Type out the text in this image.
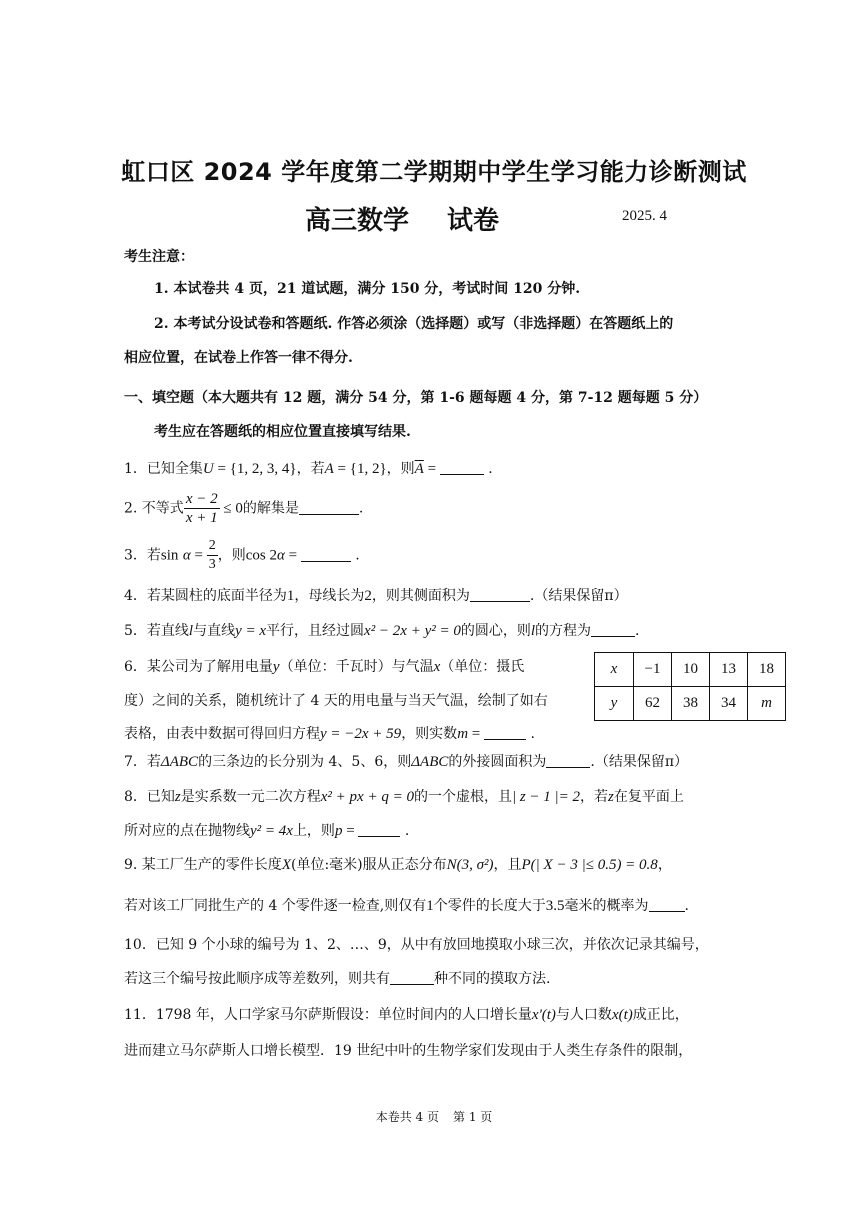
虹口区 2024 学年度第二学期期中学生学习能力诊断测试
高三数学 试卷	2025. 4
考生注意：
1. 本试卷共 4 页，21 道试题，满分 150 分，考试时间 120 分钟.
2. 本考试分设试卷和答题纸. 作答必须涂（选择题）或写（非选择题）在答题纸上的
相应位置，在试卷上作答一律不得分.
一、填空题（本大题共有 12 题，满分 54 分，第 1-6 题每题 4 分，第 7-12 题每题 5 分）
考生应在答题纸的相应位置直接填写结果.
1．已知全集U = {1, 2, 3, 4}，若A = {1, 2}，则$\overline{A}$ =	.
2. 不等式 $\frac{x - 2}{x + 1} \le 0$的解集是	.
3．若$\sin \alpha = \frac{2}{3}$ ，则cos 2α =	.
4．若某圆柱的底面半径为1，母线长为2，则其侧面积为	.（结果保留π）
5．若直线l与直线y = x平行，且经过圆x² − 2x + y² = 0的圆心，则l的方程为	.
6．某公司为了解用电量y（单位：千瓦时）与气温x（单位：摄氏
度）之间的关系，随机统计了 4 天的用电量与当天气温，绘制了如右
表格，由表中数据可得回归方程y = −2x + 59，则实数m =	.
x	−1	10	13	18
y	62	38	34	m
7．若ΔABC的三条边的长分别为 4、5、6，则ΔABC的外接圆面积为	.（结果保留π）
8．已知z是实系数一元二次方程x² + px + q = 0的一个虚根，且| z − 1 |= 2，若z在复平面上
所对应的点在抛物线y² = 4x上，则p =	.
9. 某工厂生产的零件长度X(单位:毫米)服从正态分布N(3, σ²)，且P(| X − 3 |≤ 0.5) = 0.8，
若对该工厂同批生产的 4 个零件逐一检查,则仅有1个零件的长度大于3.5毫米的概率为	.
10．已知 9 个小球的编号为 1、2、…、9，从中有放回地摸取小球三次，并依次记录其编号，
若这三个编号按此顺序成等差数列，则共有	种不同的摸取方法.
11．1798 年，人口学家马尔萨斯假设：单位时间内的人口增长量x'(t)与人口数x(t)成正比，
进而建立马尔萨斯人口增长模型．19 世纪中叶的生物学家们发现由于人类生存条件的限制，
本卷共 4 页 第 1 页
